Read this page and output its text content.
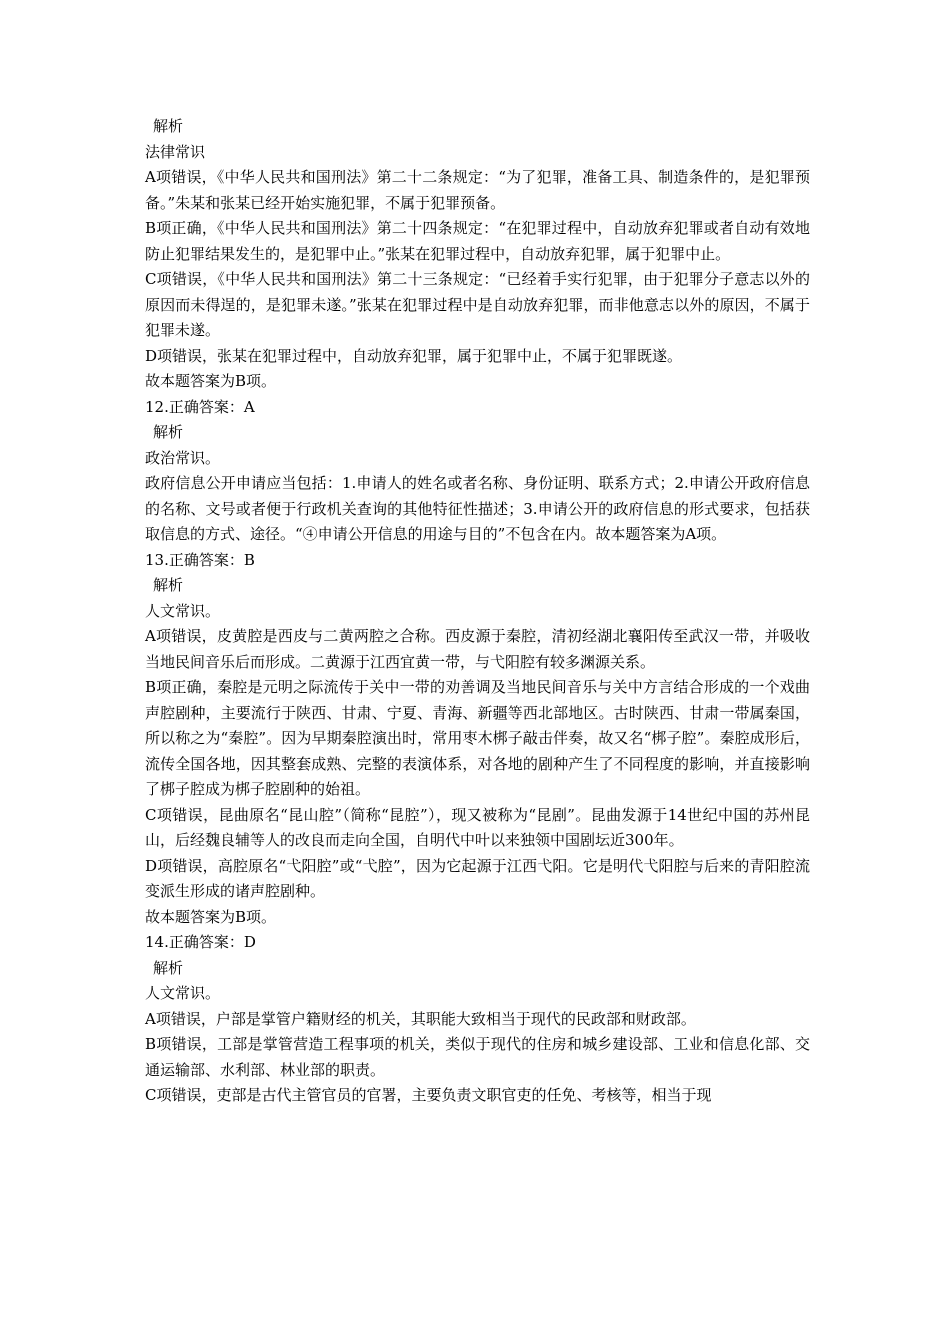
解析

法律常识

A项错误，《中华人民共和国刑法》第二十二条规定：“为了犯罪，准备工具、制造条件的，是犯罪预备。”朱某和张某已经开始实施犯罪，不属于犯罪预备。

B项正确，《中华人民共和国刑法》第二十四条规定：“在犯罪过程中，自动放弃犯罪或者自动有效地防止犯罪结果发生的，是犯罪中止。”张某在犯罪过程中，自动放弃犯罪，属于犯罪中止。

C项错误，《中华人民共和国刑法》第二十三条规定：“已经着手实行犯罪，由于犯罪分子意志以外的原因而未得逞的，是犯罪未遂。”张某在犯罪过程中是自动放弃犯罪，而非他意志以外的原因，不属于犯罪未遂。

D项错误，张某在犯罪过程中，自动放弃犯罪，属于犯罪中止，不属于犯罪既遂。

故本题答案为B项。

12.正确答案：A

解析

政治常识。

政府信息公开申请应当包括：1.申请人的姓名或者名称、身份证明、联系方式；2.申请公开政府信息的名称、文号或者便于行政机关查询的其他特征性描述；3.申请公开的政府信息的形式要求，包括获取信息的方式、途径。“④申请公开信息的用途与目的”不包含在内。故本题答案为A项。

13.正确答案：B

解析

人文常识。

A项错误，皮黄腔是西皮与二黄两腔之合称。西皮源于秦腔，清初经湖北襄阳传至武汉一带，并吸收当地民间音乐后而形成。二黄源于江西宜黄一带，与弋阳腔有较多渊源关系。

B项正确，秦腔是元明之际流传于关中一带的劝善调及当地民间音乐与关中方言结合形成的一个戏曲声腔剧种，主要流行于陕西、甘肃、宁夏、青海、新疆等西北部地区。古时陕西、甘肃一带属秦国，所以称之为“秦腔”。因为早期秦腔演出时，常用枣木梆子敲击伴奏，故又名“梆子腔”。秦腔成形后，流传全国各地，因其整套成熟、完整的表演体系，对各地的剧种产生了不同程度的影响，并直接影响了梆子腔成为梆子腔剧种的始祖。

C项错误，昆曲原名“昆山腔”（简称“昆腔”），现又被称为“昆剧”。昆曲发源于14世纪中国的苏州昆山，后经魏良辅等人的改良而走向全国，自明代中叶以来独领中国剧坛近300年。

D项错误，高腔原名“弋阳腔”或“弋腔”，因为它起源于江西弋阳。它是明代弋阳腔与后来的青阳腔流变派生形成的诸声腔剧种。

故本题答案为B项。

14.正确答案：D

解析

人文常识。

A项错误，户部是掌管户籍财经的机关，其职能大致相当于现代的民政部和财政部。

B项错误，工部是掌管营造工程事项的机关，类似于现代的住房和城乡建设部、工业和信息化部、交通运输部、水利部、林业部的职责。

C项错误，吏部是古代主管官员的官署，主要负责文职官吏的任免、考核等，相当于现
